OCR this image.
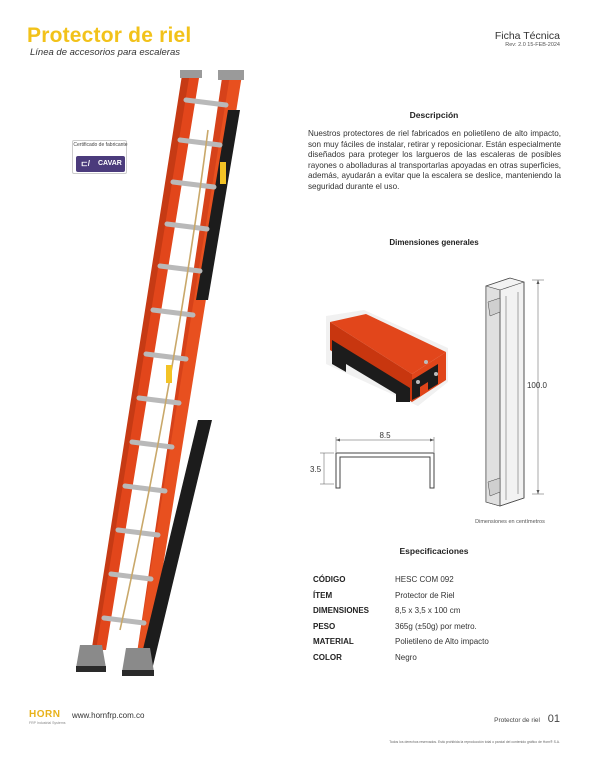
Protector de riel
Línea de accesorios para escaleras
Ficha Técnica
Rev: 2.0 15-FEB-2024
Certificado de fabricante
⊏/ CAVAR
Descripción
Nuestros protectores de riel fabricados en polietileno de alto impacto, son muy fáciles de instalar, retirar y reposicionar. Están especialmente diseñados para proteger los largueros de las escaleras de posibles rayones o abolladuras al transportarlas apoyadas en otras superficies, además, ayudarán a evitar que la escalera se deslice, manteniendo la seguridad durante el uso.
Dimensiones generales
8.5
3.5
100.0
Dimensiones en centímetros
Especificaciones
CÓDIGO	HESC COM 092
ÍTEM	Protector de Riel
DIMENSIONES	8,5 x 3,5 x 100 cm
PESO	365g (±50g) por metro.
MATERIAL	Polietileno de Alto impacto
COLOR	Negro
HORN
FRP Industrial Systems
www.hornfrp.com.co
Protector de riel 01
Todos los derechos reservados. Está prohibida la reproducción total o parcial del contenido gráfico de Horn® S.A.
